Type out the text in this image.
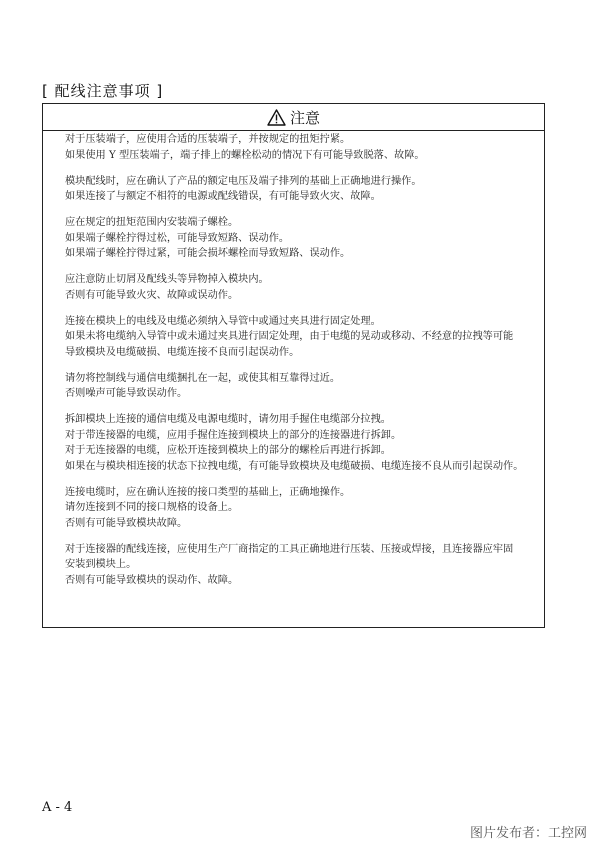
[ 配线注意事项 ]
注意
对于压装端子，应使用合适的压装端子，并按规定的扭矩拧紧。
如果使用 Y 型压装端子，端子排上的螺栓松动的情况下有可能导致脱落、故障。
模块配线时，应在确认了产品的额定电压及端子排列的基础上正确地进行操作。
如果连接了与额定不相符的电源或配线错误，有可能导致火灾、故障。
应在规定的扭矩范围内安装端子螺栓。
如果端子螺栓拧得过松，可能导致短路、误动作。
如果端子螺栓拧得过紧，可能会损坏螺栓而导致短路、误动作。
应注意防止切屑及配线头等异物掉入模块内。
否则有可能导致火灾、故障或误动作。
连接在模块上的电线及电缆必须纳入导管中或通过夹具进行固定处理。
如果未将电缆纳入导管中或未通过夹具进行固定处理，由于电缆的晃动或移动、不经意的拉拽等可能
导致模块及电缆破损、电缆连接不良而引起误动作。
请勿将控制线与通信电缆捆扎在一起，或使其相互靠得过近。
否则噪声可能导致误动作。
拆卸模块上连接的通信电缆及电源电缆时，请勿用手握住电缆部分拉拽。
对于带连接器的电缆，应用手握住连接到模块上的部分的连接器进行拆卸。
对于无连接器的电缆，应松开连接到模块上的部分的螺栓后再进行拆卸。
如果在与模块相连接的状态下拉拽电缆，有可能导致模块及电缆破损、电缆连接不良从而引起误动作。
连接电缆时，应在确认连接的接口类型的基础上，正确地操作。
请勿连接到不同的接口规格的设备上。
否则有可能导致模块故障。
对于连接器的配线连接，应使用生产厂商指定的工具正确地进行压装、压接或焊接，且连接器应牢固
安装到模块上。
否则有可能导致模块的误动作、故障。
A - 4
图片发布者：工控网
